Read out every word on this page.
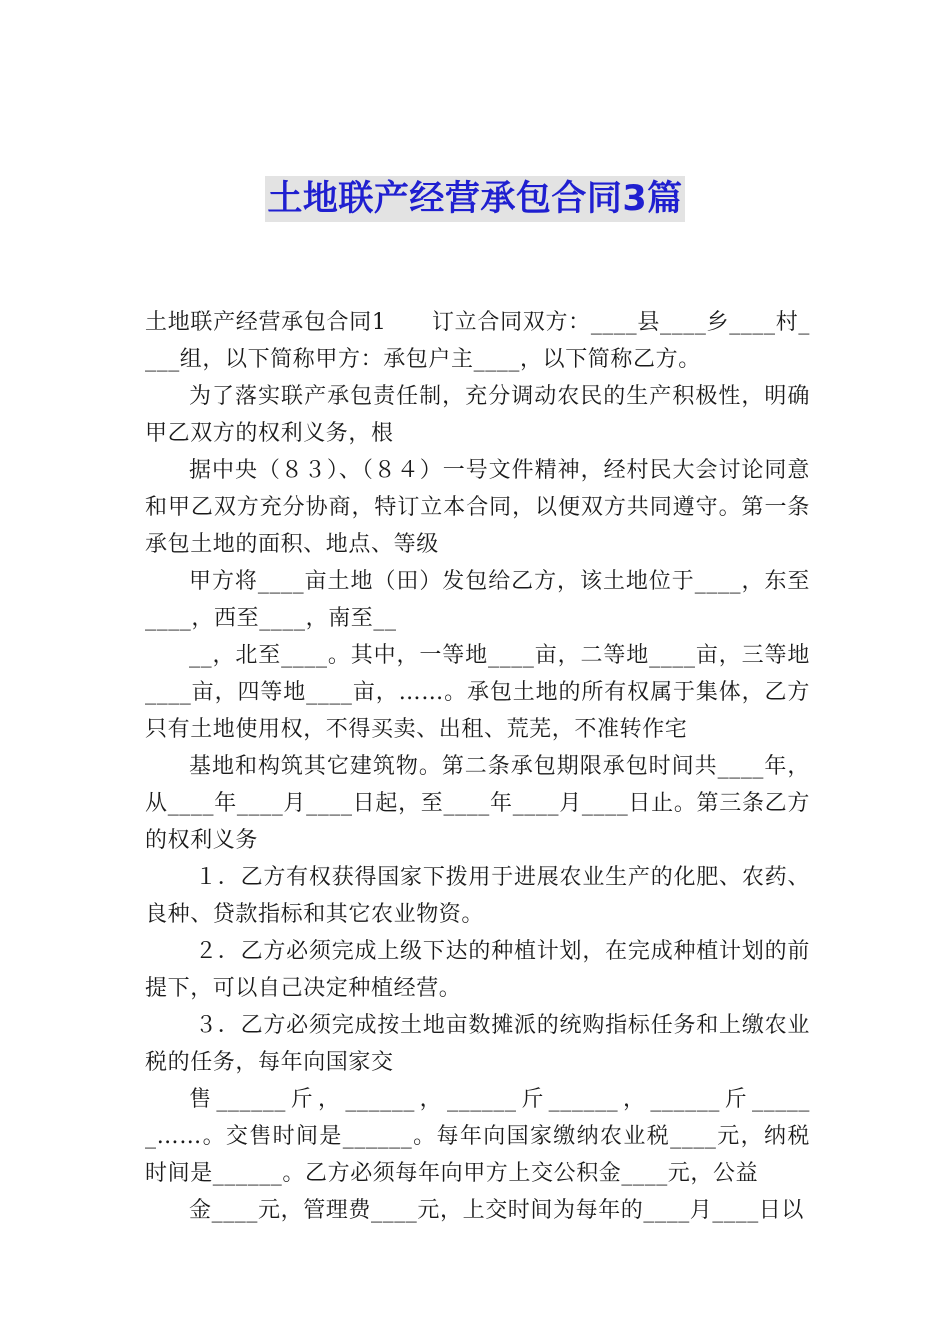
土地联产经营承包合同3篇

土地联产经营承包合同1　　订立合同双方：____县____乡____村____组，以下简称甲方：承包户主____，以下简称乙方。

为了落实联产承包责任制，充分调动农民的生产积极性，明确甲乙双方的权利义务，根

据中央（８３）、（８４）一号文件精神，经村民大会讨论同意和甲乙双方充分协商，特订立本合同，以便双方共同遵守。第一条承包土地的面积、地点、等级

甲方将____亩土地（田）发包给乙方，该土地位于____，东至____，西至____，南至__

__，北至____。其中，一等地____亩，二等地____亩，三等地____亩，四等地____亩，……。承包土地的所有权属于集体，乙方只有土地使用权，不得买卖、出租、荒芜，不准转作宅

基地和构筑其它建筑物。第二条承包期限承包时间共____年，从____年____月____日起，至____年____月____日止。第三条乙方的权利义务

１．乙方有权获得国家下拨用于进展农业生产的化肥、农药、良种、贷款指标和其它农业物资。

２．乙方必须完成上级下达的种植计划，在完成种植计划的前提下，可以自己决定种植经营。

３．乙方必须完成按土地亩数摊派的统购指标任务和上缴农业税的任务，每年向国家交

售______斤，______，______斤______，______斤______……。交售时间是______。每年向国家缴纳农业税____元，纳税时间是______。乙方必须每年向甲方上交公积金____元，公益

金____元，管理费____元，上交时间为每年的____月____日以
